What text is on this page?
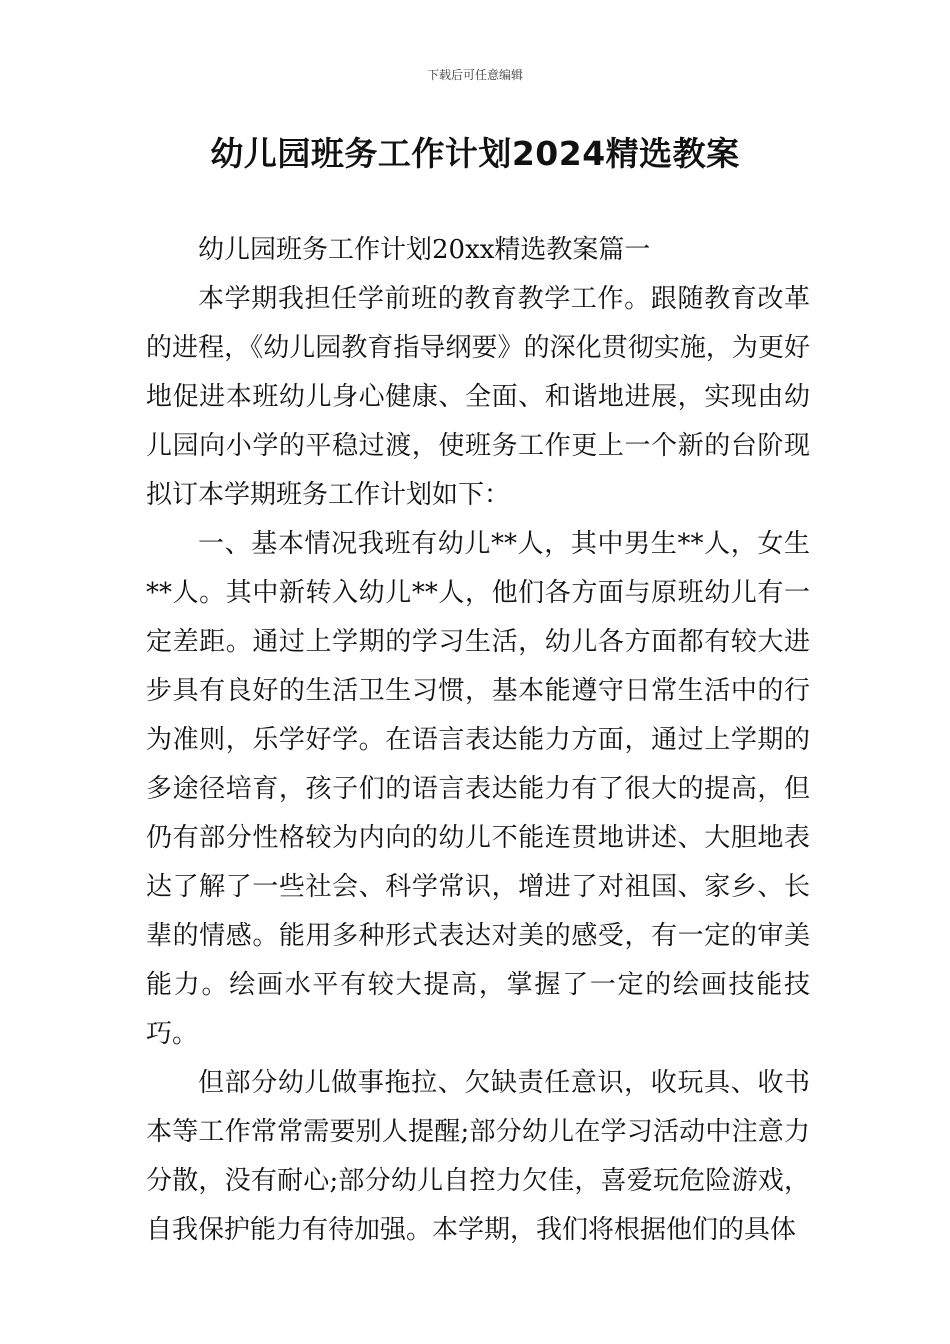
下载后可任意编辑
幼儿园班务工作计划2024精选教案

幼儿园班务工作计划20xx精选教案篇一

本学期我担任学前班的教育教学工作。跟随教育改革的进程，《幼儿园教育指导纲要》的深化贯彻实施，为更好地促进本班幼儿身心健康、全面、和谐地进展，实现由幼儿园向小学的平稳过渡，使班务工作更上一个新的台阶现拟订本学期班务工作计划如下：

一、基本情况我班有幼儿**人，其中男生**人，女生**人。其中新转入幼儿**人，他们各方面与原班幼儿有一定差距。通过上学期的学习生活，幼儿各方面都有较大进步具有良好的生活卫生习惯，基本能遵守日常生活中的行为准则，乐学好学。在语言表达能力方面，通过上学期的多途径培育，孩子们的语言表达能力有了很大的提高，但仍有部分性格较为内向的幼儿不能连贯地讲述、大胆地表达了解了一些社会、科学常识，增进了对祖国、家乡、长辈的情感。能用多种形式表达对美的感受，有一定的审美能力。绘画水平有较大提高，掌握了一定的绘画技能技巧。

但部分幼儿做事拖拉、欠缺责任意识，收玩具、收书本等工作常常需要别人提醒;部分幼儿在学习活动中注意力分散，没有耐心;部分幼儿自控力欠佳，喜爱玩危险游戏，自我保护能力有待加强。本学期，我们将根据他们的具体
